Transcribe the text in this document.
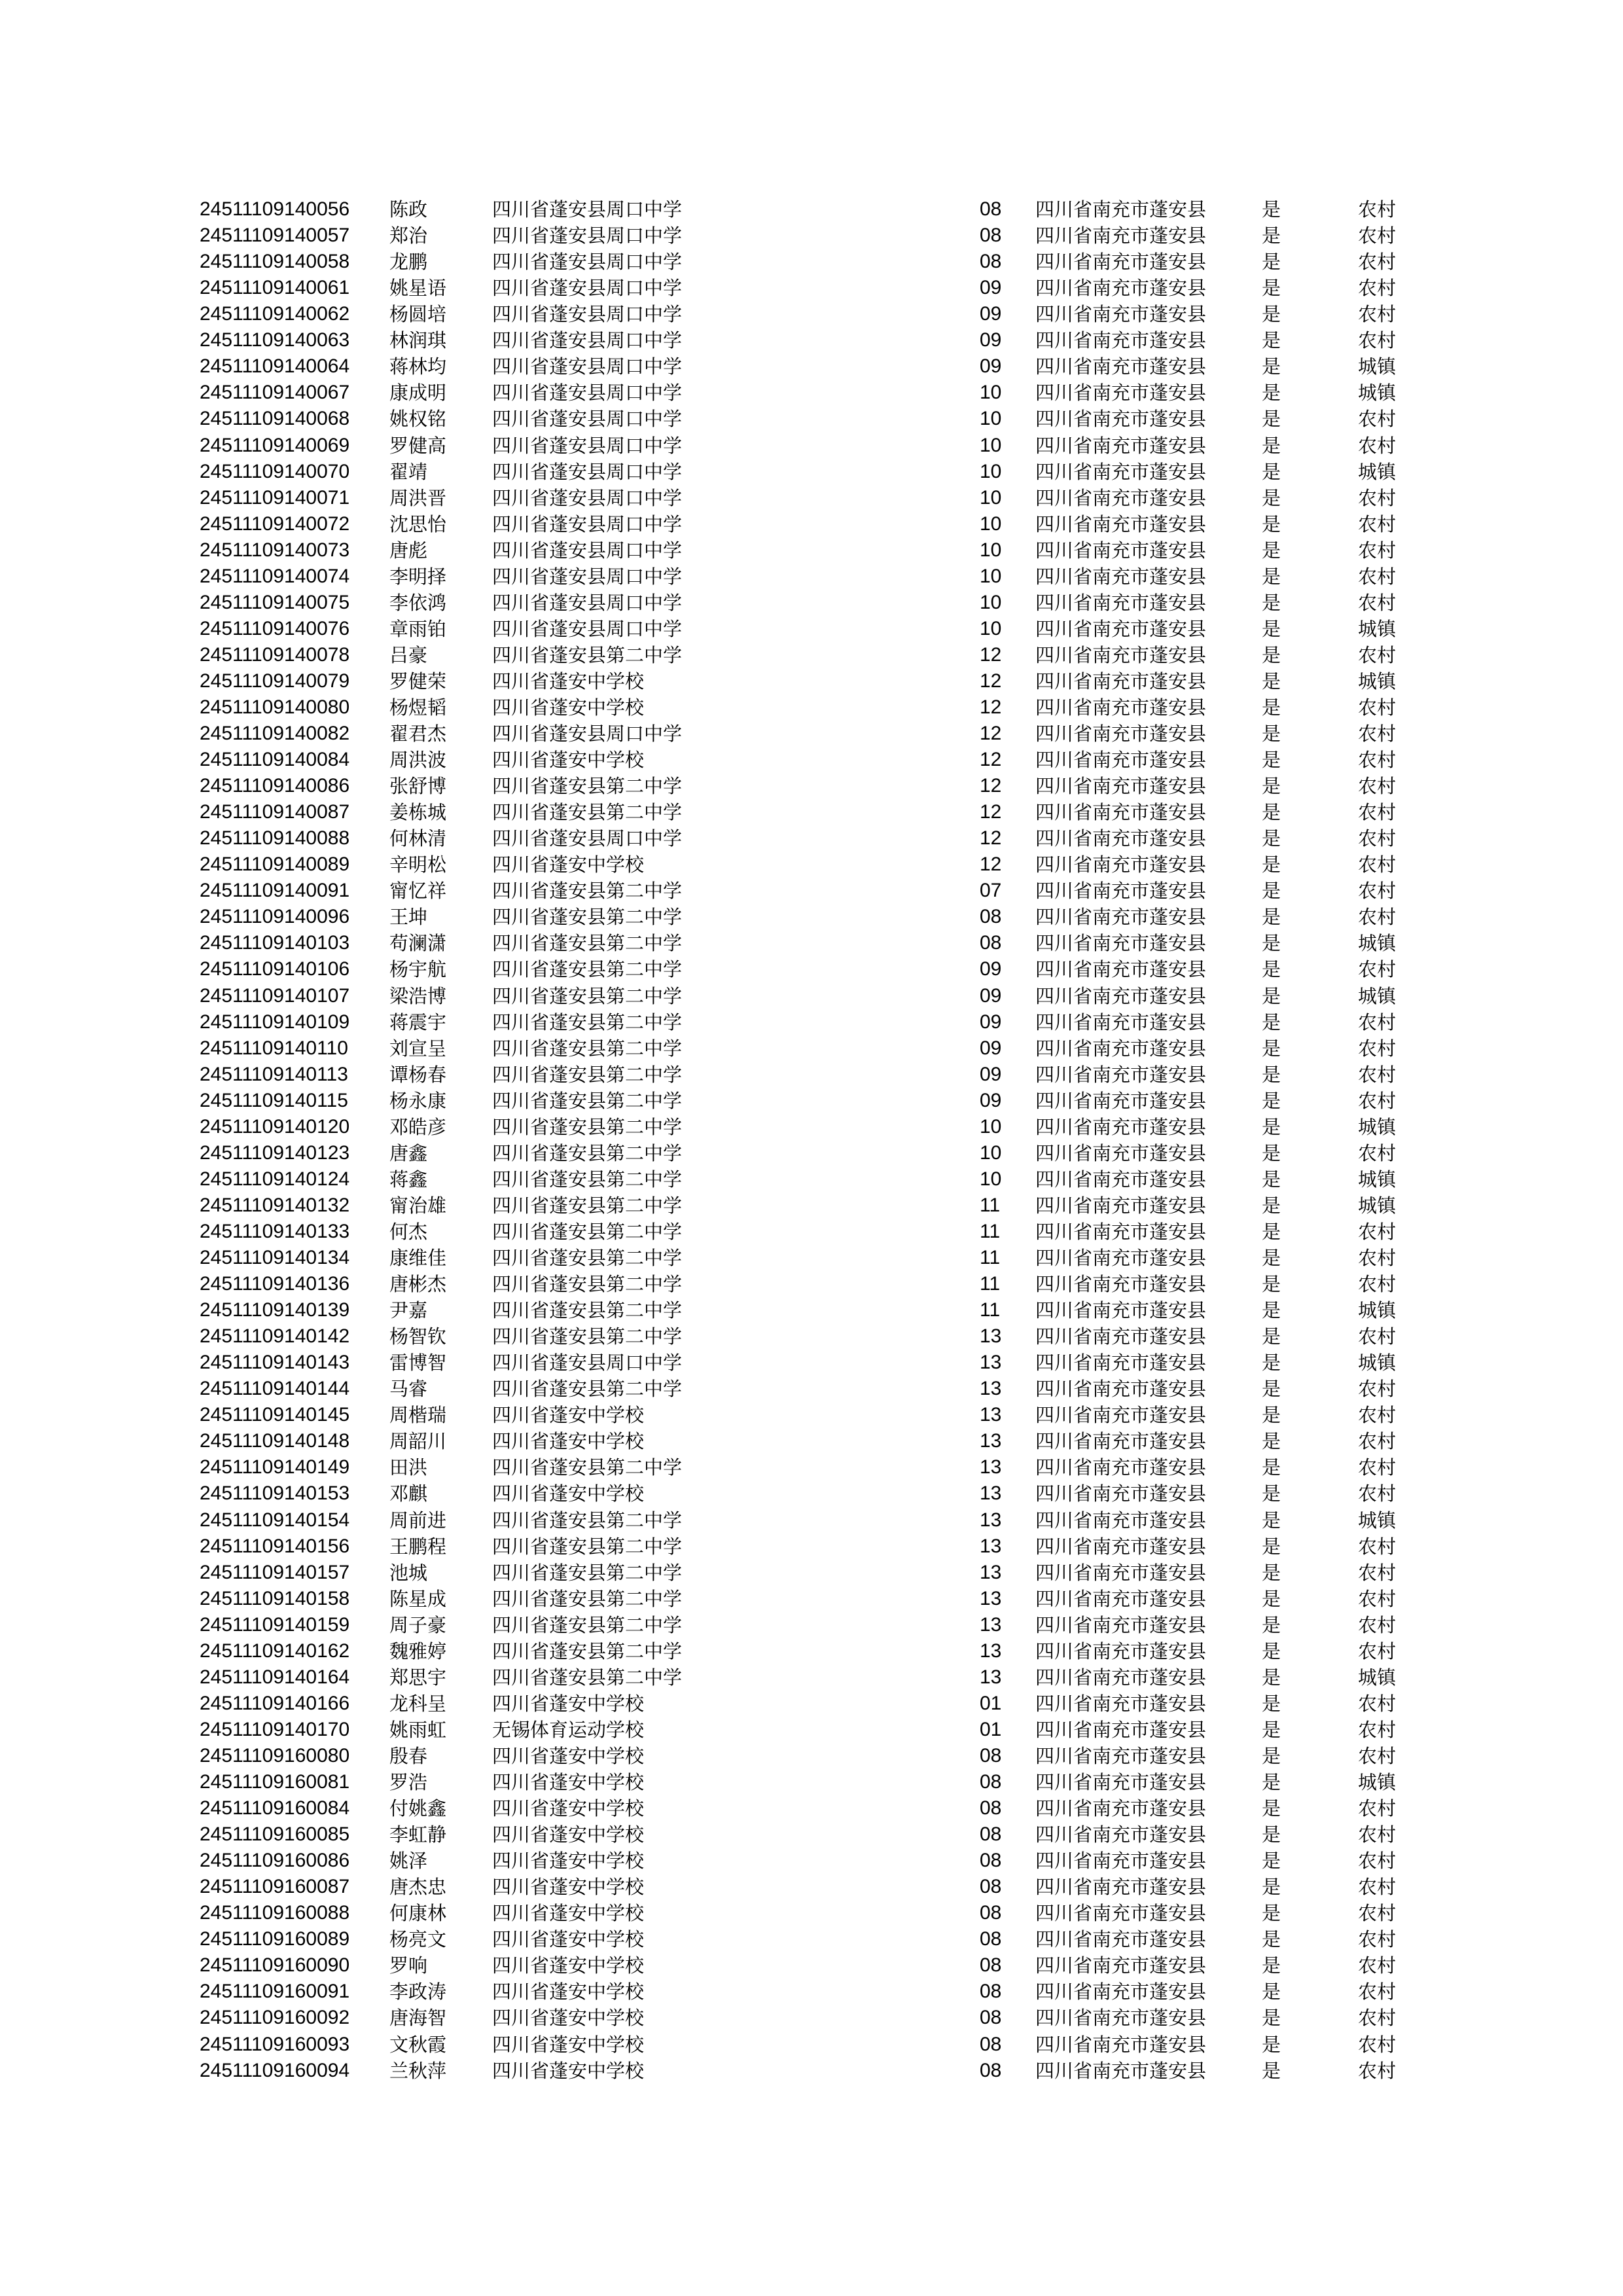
24511109140056 陈政	四川省蓬安县周口中学	08 四川省南充市蓬安县	是	农村
24511109140057 郑治	四川省蓬安县周口中学	08 四川省南充市蓬安县	是	农村
24511109140058 龙鹏	四川省蓬安县周口中学	08 四川省南充市蓬安县	是	农村
24511109140061 姚星语 四川省蓬安县周口中学	09 四川省南充市蓬安县	是	农村
24511109140062 杨圆培 四川省蓬安县周口中学	09 四川省南充市蓬安县	是	农村
24511109140063 林润琪 四川省蓬安县周口中学	09 四川省南充市蓬安县	是	农村
24511109140064 蒋林均 四川省蓬安县周口中学	09 四川省南充市蓬安县	是	城镇
24511109140067 康成明 四川省蓬安县周口中学	10 四川省南充市蓬安县	是	城镇
24511109140068 姚权铭 四川省蓬安县周口中学	10 四川省南充市蓬安县	是	农村
24511109140069 罗健高 四川省蓬安县周口中学	10 四川省南充市蓬安县	是	农村
24511109140070 翟靖	四川省蓬安县周口中学	10 四川省南充市蓬安县	是	城镇
24511109140071 周洪晋 四川省蓬安县周口中学	10 四川省南充市蓬安县	是	农村
24511109140072 沈思怡 四川省蓬安县周口中学	10 四川省南充市蓬安县	是	农村
24511109140073 唐彪	四川省蓬安县周口中学	10 四川省南充市蓬安县	是	农村
24511109140074 李明择 四川省蓬安县周口中学	10 四川省南充市蓬安县	是	农村
24511109140075 李依鸿 四川省蓬安县周口中学	10 四川省南充市蓬安县	是	农村
24511109140076 章雨铂 四川省蓬安县周口中学	10 四川省南充市蓬安县	是	城镇
24511109140078 吕豪	四川省蓬安县第二中学	12 四川省南充市蓬安县	是	农村
24511109140079 罗健荣 四川省蓬安中学校	12 四川省南充市蓬安县	是	城镇
24511109140080 杨煜韬 四川省蓬安中学校	12 四川省南充市蓬安县	是	农村
24511109140082 翟君杰 四川省蓬安县周口中学	12 四川省南充市蓬安县	是	农村
24511109140084 周洪波 四川省蓬安中学校	12 四川省南充市蓬安县	是	农村
24511109140086 张舒博 四川省蓬安县第二中学	12 四川省南充市蓬安县	是	农村
24511109140087 姜栋城 四川省蓬安县第二中学	12 四川省南充市蓬安县	是	农村
24511109140088 何林清 四川省蓬安县周口中学	12 四川省南充市蓬安县	是	农村
24511109140089 辛明松 四川省蓬安中学校	12 四川省南充市蓬安县	是	农村
24511109140091 甯忆祥 四川省蓬安县第二中学	07 四川省南充市蓬安县	是	农村
24511109140096 王坤	四川省蓬安县第二中学	08 四川省南充市蓬安县	是	农村
24511109140103 苟澜潇 四川省蓬安县第二中学	08 四川省南充市蓬安县	是	城镇
24511109140106 杨宇航 四川省蓬安县第二中学	09 四川省南充市蓬安县	是	农村
24511109140107 梁浩博 四川省蓬安县第二中学	09 四川省南充市蓬安县	是	城镇
24511109140109 蒋震宇 四川省蓬安县第二中学	09 四川省南充市蓬安县	是	农村
24511109140110 刘宣呈 四川省蓬安县第二中学	09 四川省南充市蓬安县	是	农村
24511109140113 谭杨春 四川省蓬安县第二中学	09 四川省南充市蓬安县	是	农村
24511109140115 杨永康 四川省蓬安县第二中学	09 四川省南充市蓬安县	是	农村
24511109140120 邓皓彦 四川省蓬安县第二中学	10 四川省南充市蓬安县	是	城镇
24511109140123 唐鑫	四川省蓬安县第二中学	10 四川省南充市蓬安县	是	农村
24511109140124 蒋鑫	四川省蓬安县第二中学	10 四川省南充市蓬安县	是	城镇
24511109140132 甯治雄 四川省蓬安县第二中学	11 四川省南充市蓬安县	是	城镇
24511109140133 何杰	四川省蓬安县第二中学	11 四川省南充市蓬安县	是	农村
24511109140134 康维佳 四川省蓬安县第二中学	11 四川省南充市蓬安县	是	农村
24511109140136 唐彬杰 四川省蓬安县第二中学	11 四川省南充市蓬安县	是	农村
24511109140139 尹嘉	四川省蓬安县第二中学	11 四川省南充市蓬安县	是	城镇
24511109140142 杨智钦 四川省蓬安县第二中学	13 四川省南充市蓬安县	是	农村
24511109140143 雷博智 四川省蓬安县周口中学	13 四川省南充市蓬安县	是	城镇
24511109140144 马睿	四川省蓬安县第二中学	13 四川省南充市蓬安县	是	农村
24511109140145 周楷瑞 四川省蓬安中学校	13 四川省南充市蓬安县	是	农村
24511109140148 周韶川 四川省蓬安中学校	13 四川省南充市蓬安县	是	农村
24511109140149 田洪	四川省蓬安县第二中学	13 四川省南充市蓬安县	是	农村
24511109140153 邓麒	四川省蓬安中学校	13 四川省南充市蓬安县	是	农村
24511109140154 周前进 四川省蓬安县第二中学	13 四川省南充市蓬安县	是	城镇
24511109140156 王鹏程 四川省蓬安县第二中学	13 四川省南充市蓬安县	是	农村
24511109140157 池城	四川省蓬安县第二中学	13 四川省南充市蓬安县	是	农村
24511109140158 陈星成 四川省蓬安县第二中学	13 四川省南充市蓬安县	是	农村
24511109140159 周子豪 四川省蓬安县第二中学	13 四川省南充市蓬安县	是	农村
24511109140162 魏雅婷 四川省蓬安县第二中学	13 四川省南充市蓬安县	是	农村
24511109140164 郑思宇 四川省蓬安县第二中学	13 四川省南充市蓬安县	是	城镇
24511109140166 龙科呈 四川省蓬安中学校	01 四川省南充市蓬安县	是	农村
24511109140170 姚雨虹 无锡体育运动学校	01 四川省南充市蓬安县	是	农村
24511109160080 殷春	四川省蓬安中学校	08 四川省南充市蓬安县	是	农村
24511109160081 罗浩	四川省蓬安中学校	08 四川省南充市蓬安县	是	城镇
24511109160084 付姚鑫 四川省蓬安中学校	08 四川省南充市蓬安县	是	农村
24511109160085 李虹静 四川省蓬安中学校	08 四川省南充市蓬安县	是	农村
24511109160086 姚泽	四川省蓬安中学校	08 四川省南充市蓬安县	是	农村
24511109160087 唐杰忠 四川省蓬安中学校	08 四川省南充市蓬安县	是	农村
24511109160088 何康林 四川省蓬安中学校	08 四川省南充市蓬安县	是	农村
24511109160089 杨亮文 四川省蓬安中学校	08 四川省南充市蓬安县	是	农村
24511109160090 罗响	四川省蓬安中学校	08 四川省南充市蓬安县	是	农村
24511109160091 李政涛 四川省蓬安中学校	08 四川省南充市蓬安县	是	农村
24511109160092 唐海智 四川省蓬安中学校	08 四川省南充市蓬安县	是	农村
24511109160093 文秋霞 四川省蓬安中学校	08 四川省南充市蓬安县	是	农村
24511109160094 兰秋萍 四川省蓬安中学校	08 四川省南充市蓬安县	是	农村
